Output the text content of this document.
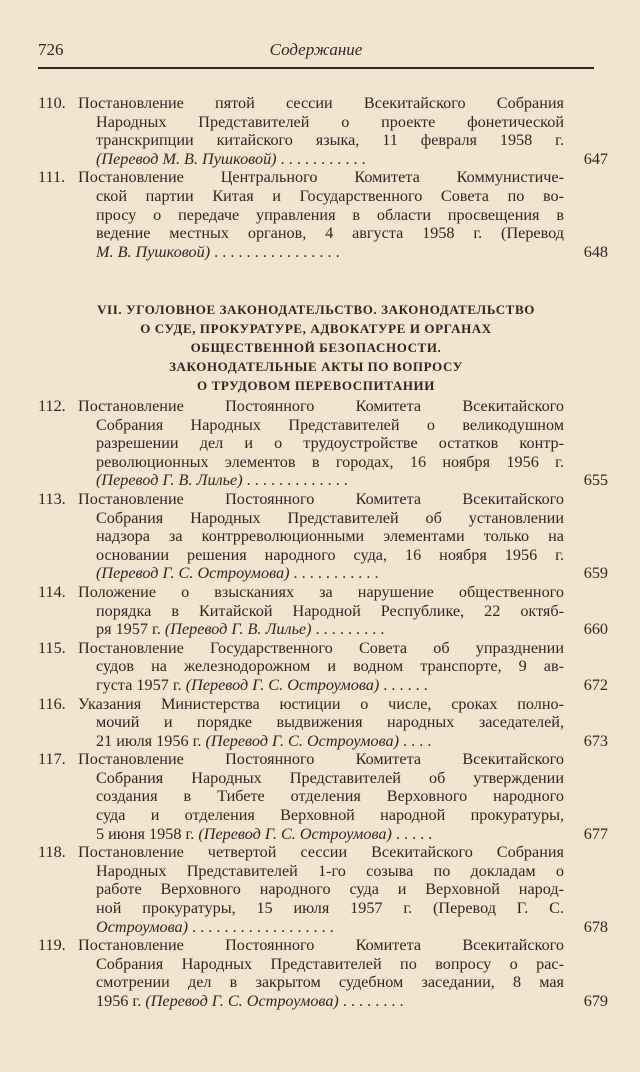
726	Содержание
110. Постановление пятой сессии Всекитайского Собрания
Народных Представителей о проекте фонетической
транскрипции китайского языка, 11 февраля 1958 г.
(Перевод М. В. Пушковой) . . . . . . . . . . .	647
111. Постановление Центрального Комитета Коммунистиче-
ской партии Китая и Государственного Совета по во-
просу о передаче управления в области просвещения в
ведение местных органов, 4 августа 1958 г. (Перевод
М. В. Пушковой) . . . . . . . . . . . . . . . .	648
VII. УГОЛОВНОЕ ЗАКОНОДАТЕЛЬСТВО. ЗАКОНОДАТЕЛЬСТВО
О СУДЕ, ПРОКУРАТУРЕ, АДВОКАТУРЕ И ОРГАНАХ
ОБЩЕСТВЕННОЙ БЕЗОПАСНОСТИ.
ЗАКОНОДАТЕЛЬНЫЕ АКТЫ ПО ВОПРОСУ
О ТРУДОВОМ ПЕРЕВОСПИТАНИИ
112. Постановление Постоянного Комитета Всекитайского
Собрания Народных Представителей о великодушном
разрешении дел и о трудоустройстве остатков контр-
революционных элементов в городах, 16 ноября 1956 г.
(Перевод Г. В. Лилье) . . . . . . . . . . . . .	655
113. Постановление Постоянного Комитета Всекитайского
Собрания Народных Представителей об установлении
надзора за контрреволюционными элементами только на
основании решения народного суда, 16 ноября 1956 г.
(Перевод Г. С. Остроумова) . . . . . . . . . . .	659
114. Положение о взысканиях за нарушение общественного
порядка в Китайской Народной Республике, 22 октяб-
ря 1957 г. (Перевод Г. В. Лилье) . . . . . . . . .	660
115. Постановление Государственного Совета об упразднении
судов на железнодорожном и водном транспорте, 9 ав-
густа 1957 г. (Перевод Г. С. Остроумова) . . . . . .	672
116. Указания Министерства юстиции о числе, сроках полно-
мочий и порядке выдвижения народных заседателей,
21 июля 1956 г. (Перевод Г. С. Остроумова) . . . .	673
117. Постановление Постоянного Комитета Всекитайского
Собрания Народных Представителей об утверждении
создания в Тибете отделения Верховного народного
суда и отделения Верховной народной прокуратуры,
5 июня 1958 г. (Перевод Г. С. Остроумова) . . . . .	677
118. Постановление четвертой сессии Всекитайского Собрания
Народных Представителей 1-го созыва по докладам о
работе Верховного народного суда и Верховной народ-
ной прокуратуры, 15 июля 1957 г. (Перевод Г. С.
Остроумова) . . . . . . . . . . . . . . . . . .	678
119. Постановление Постоянного Комитета Всекитайского
Собрания Народных Представителей по вопросу о рас-
смотрении дел в закрытом судебном заседании, 8 мая
1956 г. (Перевод Г. С. Остроумова) . . . . . . . .	679
